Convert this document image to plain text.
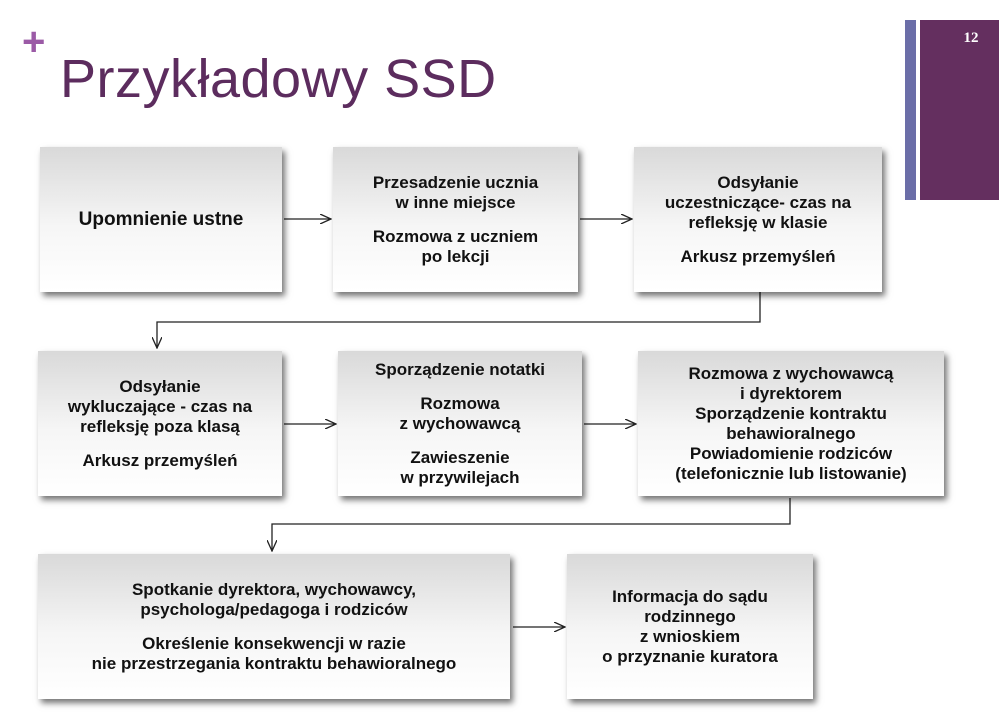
+
Przykładowy SSD
12
Upomnienie ustne
Przesadzenie ucznia
w inne miejsce
Rozmowa z uczniem
po lekcji
Odsyłanie
uczestniczące- czas na
refleksję w klasie
Arkusz przemyśleń
Odsyłanie
wykluczające - czas na
refleksję poza klasą
Arkusz przemyśleń
Sporządzenie notatki
Rozmowa
z wychowawcą
Zawieszenie
w przywilejach
Rozmowa z wychowawcą
i dyrektorem
Sporządzenie kontraktu
behawioralnego
Powiadomienie rodziców
(telefonicznie lub listowanie)
Spotkanie dyrektora, wychowawcy,
psychologa/pedagoga i rodziców
Określenie konsekwencji w razie
nie przestrzegania kontraktu behawioralnego
Informacja do sądu
rodzinnego
z wnioskiem
o przyznanie kuratora
